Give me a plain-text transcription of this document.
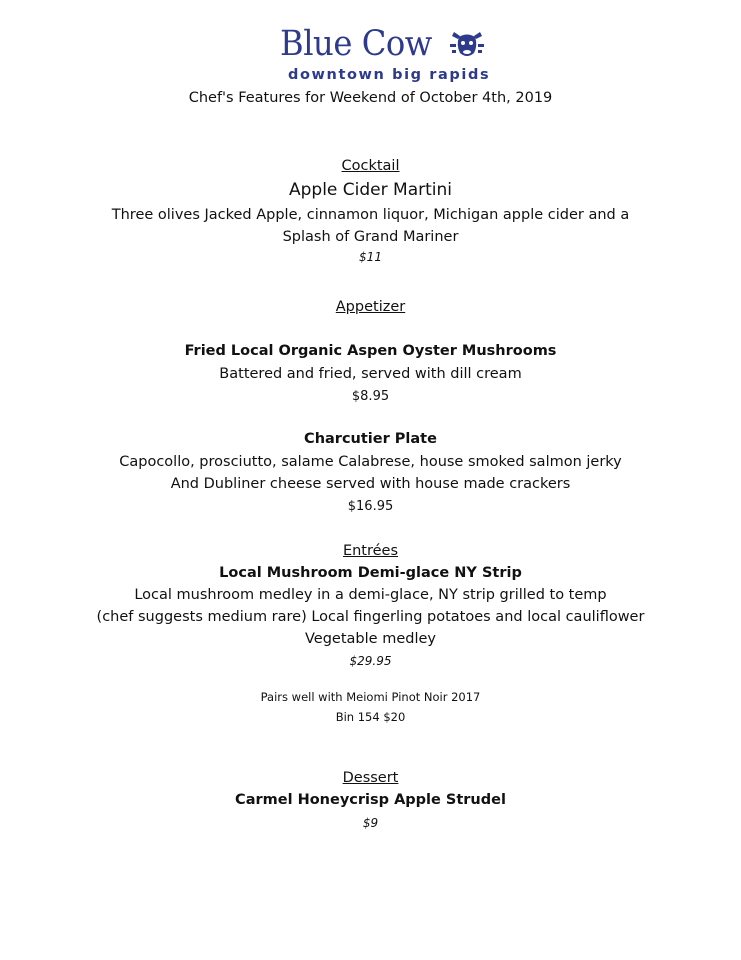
Blue Cow
downtown big rapids
Chef's Features for Weekend of October 4th, 2019
Cocktail
Apple Cider Martini
Three olives Jacked Apple, cinnamon liquor, Michigan apple cider and a
Splash of Grand Mariner
$11
Appetizer
Fried Local Organic Aspen Oyster Mushrooms
Battered and fried, served with dill cream
$8.95
Charcutier Plate
Capocollo, prosciutto, salame Calabrese, house smoked salmon jerky
And Dubliner cheese served with house made crackers
$16.95
Entrées
Local Mushroom Demi-glace NY Strip
Local mushroom medley in a demi-glace, NY strip grilled to temp
(chef suggests medium rare) Local fingerling potatoes and local cauliflower
Vegetable medley
$29.95
Pairs well with Meiomi Pinot Noir 2017
Bin 154 $20
Dessert
Carmel Honeycrisp Apple Strudel
$9
